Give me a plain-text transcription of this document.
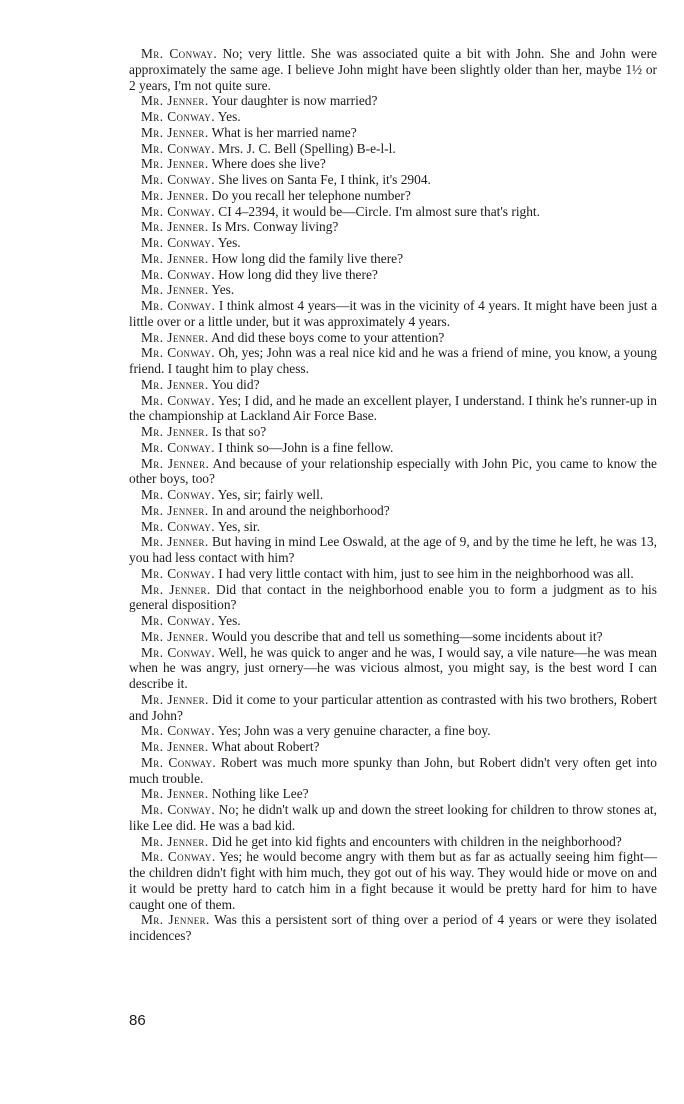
Mr. Conway. No; very little. She was associated quite a bit with John. She and John were approximately the same age. I believe John might have been slightly older than her, maybe 1½ or 2 years, I'm not quite sure.

Mr. Jenner. Your daughter is now married?

Mr. Conway. Yes.

Mr. Jenner. What is her married name?

Mr. Conway. Mrs. J. C. Bell (Spelling) B-e-l-l.

Mr. Jenner. Where does she live?

Mr. Conway. She lives on Santa Fe, I think, it's 2904.

Mr. Jenner. Do you recall her telephone number?

Mr. Conway. CI 4–2394, it would be—Circle. I'm almost sure that's right.

Mr. Jenner. Is Mrs. Conway living?

Mr. Conway. Yes.

Mr. Jenner. How long did the family live there?

Mr. Conway. How long did they live there?

Mr. Jenner. Yes.

Mr. Conway. I think almost 4 years—it was in the vicinity of 4 years. It might have been just a little over or a little under, but it was approximately 4 years.

Mr. Jenner. And did these boys come to your attention?

Mr. Conway. Oh, yes; John was a real nice kid and he was a friend of mine, you know, a young friend. I taught him to play chess.

Mr. Jenner. You did?

Mr. Conway. Yes; I did, and he made an excellent player, I understand. I think he's runner-up in the championship at Lackland Air Force Base.

Mr. Jenner. Is that so?

Mr. Conway. I think so—John is a fine fellow.

Mr. Jenner. And because of your relationship especially with John Pic, you came to know the other boys, too?

Mr. Conway. Yes, sir; fairly well.

Mr. Jenner. In and around the neighborhood?

Mr. Conway. Yes, sir.

Mr. Jenner. But having in mind Lee Oswald, at the age of 9, and by the time he left, he was 13, you had less contact with him?

Mr. Conway. I had very little contact with him, just to see him in the neighborhood was all.

Mr. Jenner. Did that contact in the neighborhood enable you to form a judgment as to his general disposition?

Mr. Conway. Yes.

Mr. Jenner. Would you describe that and tell us something—some incidents about it?

Mr. Conway. Well, he was quick to anger and he was, I would say, a vile nature—he was mean when he was angry, just ornery—he was vicious almost, you might say, is the best word I can describe it.

Mr. Jenner. Did it come to your particular attention as contrasted with his two brothers, Robert and John?

Mr. Conway. Yes; John was a very genuine character, a fine boy.

Mr. Jenner. What about Robert?

Mr. Conway. Robert was much more spunky than John, but Robert didn't very often get into much trouble.

Mr. Jenner. Nothing like Lee?

Mr. Conway. No; he didn't walk up and down the street looking for children to throw stones at, like Lee did. He was a bad kid.

Mr. Jenner. Did he get into kid fights and encounters with children in the neighborhood?

Mr. Conway. Yes; he would become angry with them but as far as actually seeing him fight—the children didn't fight with him much, they got out of his way. They would hide or move on and it would be pretty hard to catch him in a fight because it would be pretty hard for him to have caught one of them.

Mr. Jenner. Was this a persistent sort of thing over a period of 4 years or were they isolated incidences?

86
